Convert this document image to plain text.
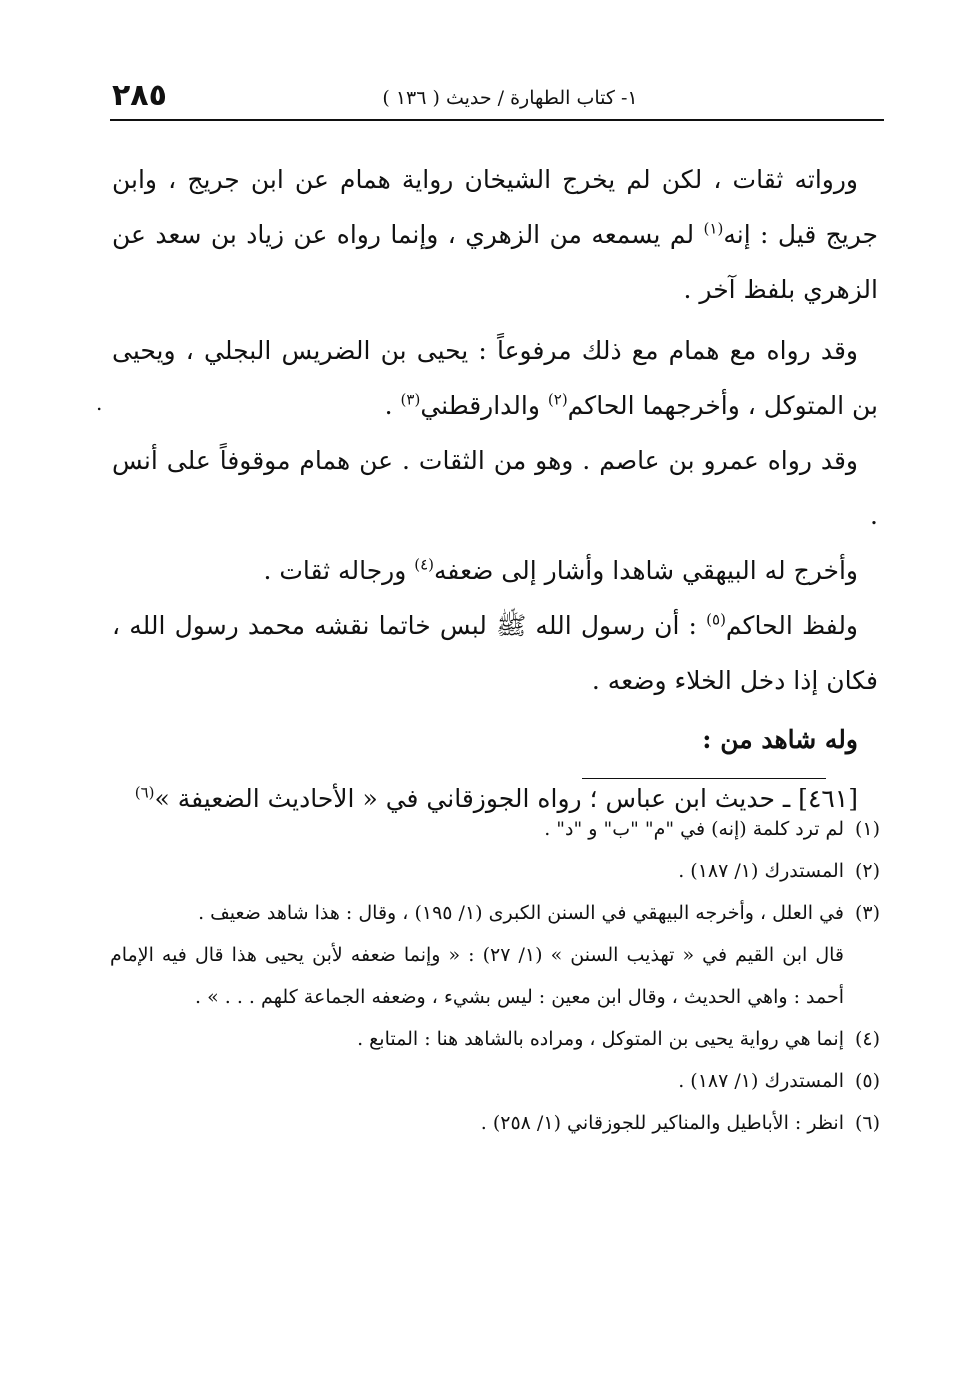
٢٨٥	١- كتاب الطهارة / حديث ( ١٣٦ )
.

ورواته ثقات ، لكن لم يخرج الشيخان رواية همام عن ابن جريج ، وابن جريج قيل : إنه$^{(١)}$ لم يسمعه من الزهري ، وإنما رواه عن زياد بن سعد عن الزهري بلفظ آخر .

وقد رواه مع همام مع ذلك مرفوعاً : يحيى بن الضريس البجلي ، ويحيى بن المتوكل ، وأخرجهما الحاكم$^{(٢)}$ والدارقطني$^{(٣)}$ .

وقد رواه عمرو بن عاصم . وهو من الثقات . عن همام موقوفاً على أنس .

وأخرج له البيهقي شاهدا وأشار إلى ضعفه$^{(٤)}$ ورجاله ثقات .

ولفظ الحاكم$^{(٥)}$ : أن رسول الله ﷺ لبس خاتما نقشه محمد رسول الله ، فكان إذا دخل الخلاء وضعه .

وله شاهد من :

[٤٦١] ـ حديث ابن عباس ؛ رواه الجوزقاني في « الأحاديث الضعيفة »$^{(٦)}$

(١)
لم ترد كلمة (إنه) في "م" "ب" و "د" .
(٢)
المستدرك (١/ ١٨٧) .
(٣)
في العلل ، وأخرجه البيهقي في السنن الكبرى (١/ ١٩٥) ، وقال : هذا شاهد ضعيف .
قال ابن القيم في « تهذيب السنن » (١/ ٢٧) : « وإنما ضعفه لأبن يحيى هذا قال فيه الإمام أحمد : واهي الحديث ، وقال ابن معين : ليس بشيء ، وضعفه الجماعة كلهم . . . » .
(٤)
إنما هي رواية يحيى بن المتوكل ، ومراده بالشاهد هنا : المتابع .
(٥)
المستدرك (١/ ١٨٧) .
(٦)
انظر : الأباطيل والمناكير للجوزقاني (١/ ٢٥٨) .
